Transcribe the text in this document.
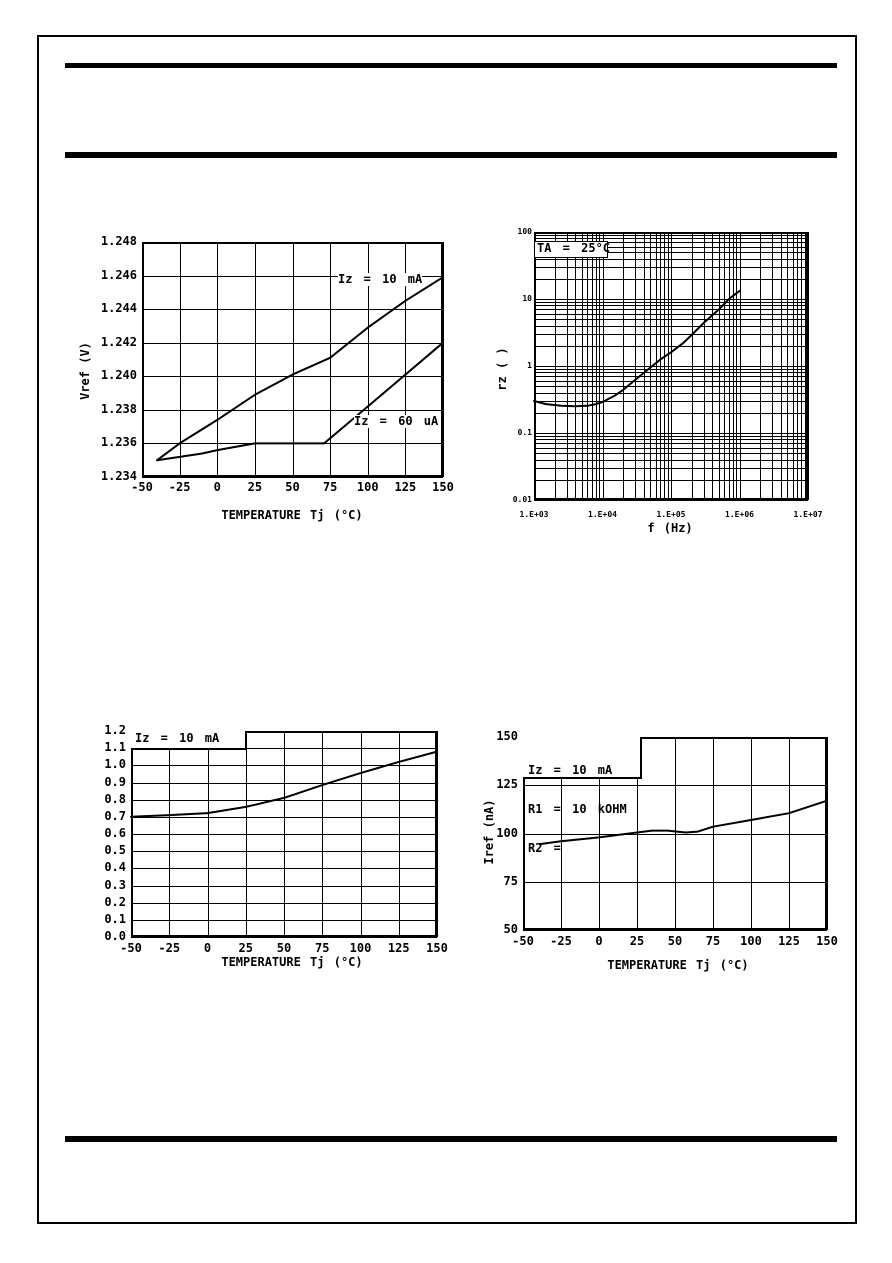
1.248
1.246
1.244
1.242
1.240
1.238
1.236
1.234
-50	-25	0	25	50	75	100	125	150
Vref (V)
TEMPERATURE Tj (°C)
Iz = 10 mA
Iz = 60 uA
100
10
1
0.1
0.01
1.E+03	1.E+04	1.E+05	1.E+06	1.E+07
rz ( )
f (Hz)
TA = 25°C
1.2
1.1
1.0
0.9
0.8
0.7
0.6
0.5
0.4
0.3
0.2
0.1
0.0
-50	-25	0	25	50	75	100	125	150
TEMPERATURE Tj (°C)
Iz = 10 mA	150
125
100
75
50
-50	-25	0	25	50	75	100	125	150
Iref (nA)
TEMPERATURE Tj (°C)

Iz = 10 mA

R1 = 10 kOHM

R2 =
